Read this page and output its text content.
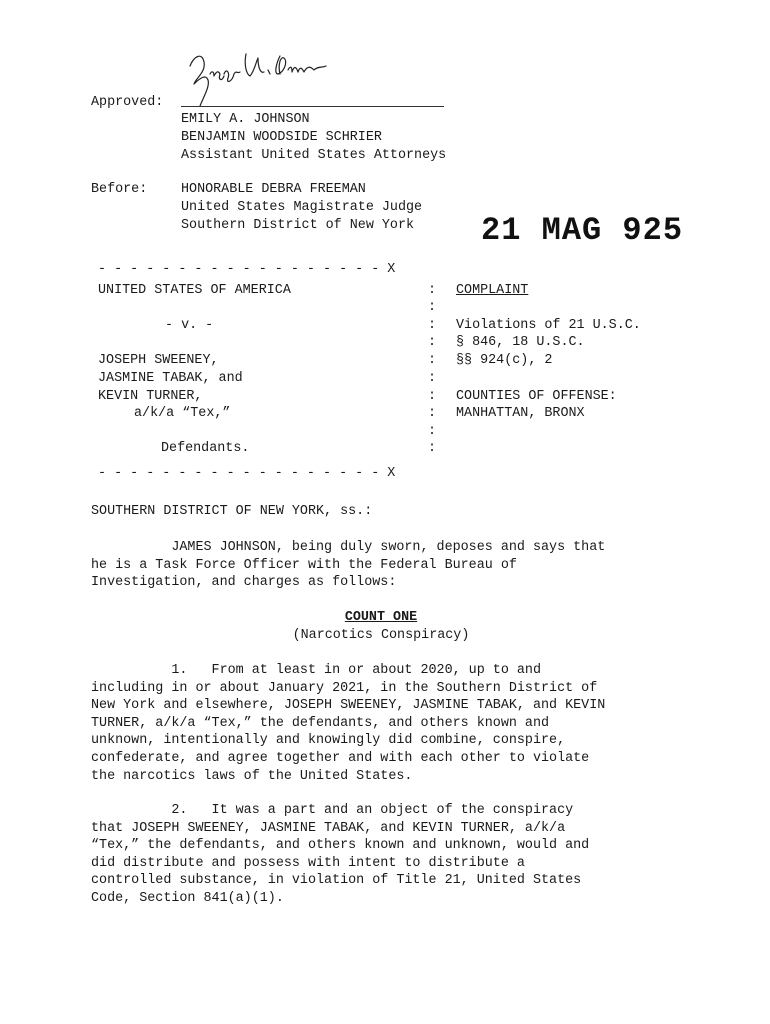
Approved:
EMILY A. JOHNSON
BENJAMIN WOODSIDE SCHRIER
Assistant United States Attorneys
Before:	HONORABLE DEBRA FREEMAN
United States Magistrate Judge
Southern District of New York 21 MAG 925
- - - - - - - - - - - - - - - - - - X
UNITED STATES OF AMERICA
- v. -
JOSEPH SWEENEY,
JASMINE TABAK, and
KEVIN TURNER,
a/k/a “Tex,”
Defendants.
- - - - - - - - - - - - - - - - - - X
:
:
:
:
:
:
:
:
:
:
COMPLAINT
Violations of 21 U.S.C.
§ 846, 18 U.S.C.
§§ 924(c), 2
COUNTIES OF OFFENSE:
MANHATTAN, BRONX
SOUTHERN DISTRICT OF NEW YORK, ss.:
JAMES JOHNSON, being duly sworn, deposes and says that
he is a Task Force Officer with the Federal Bureau of
Investigation, and charges as follows:
COUNT ONE
(Narcotics Conspiracy)
1.   From at least in or about 2020, up to and
including in or about January 2021, in the Southern District of
New York and elsewhere, JOSEPH SWEENEY, JASMINE TABAK, and KEVIN
TURNER, a/k/a “Tex,” the defendants, and others known and
unknown, intentionally and knowingly did combine, conspire,
confederate, and agree together and with each other to violate
the narcotics laws of the United States.
2.   It was a part and an object of the conspiracy
that JOSEPH SWEENEY, JASMINE TABAK, and KEVIN TURNER, a/k/a
“Tex,” the defendants, and others known and unknown, would and
did distribute and possess with intent to distribute a
controlled substance, in violation of Title 21, United States
Code, Section 841(a)(1).
